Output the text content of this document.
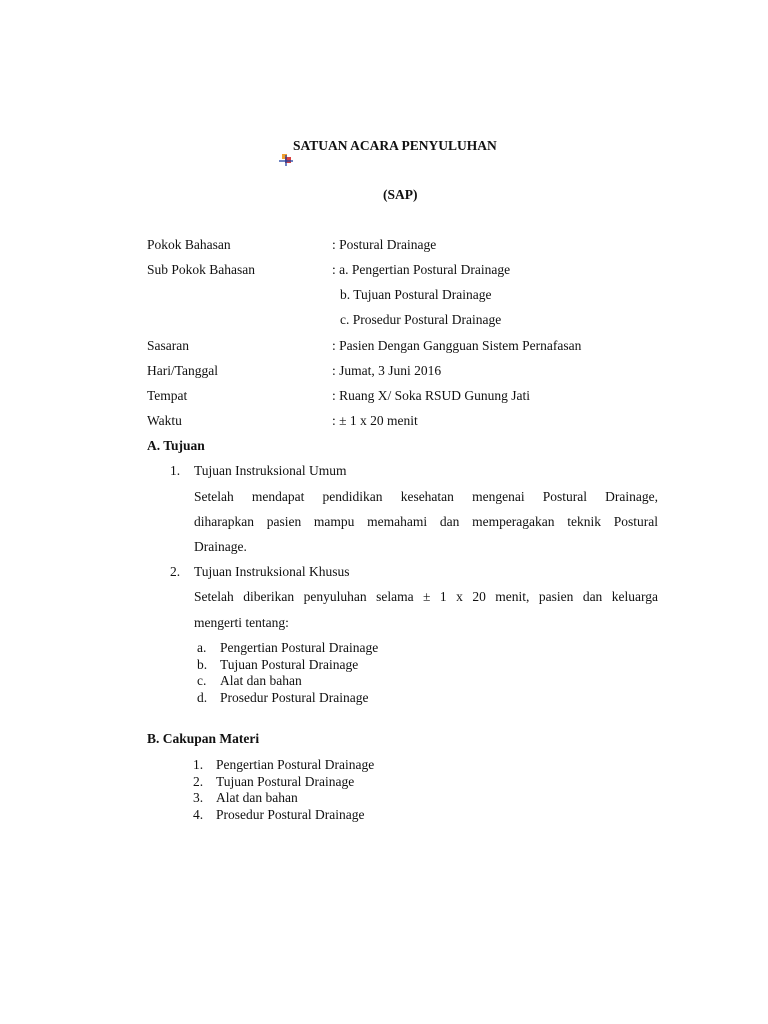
SATUAN ACARA PENYULUHAN
(SAP)
Pokok Bahasan	: Postural Drainage
Sub Pokok Bahasan	: a. Pengertian Postural Drainage
b. Tujuan Postural Drainage
c. Prosedur Postural Drainage
Sasaran	: Pasien Dengan Gangguan Sistem Pernafasan
Hari/Tanggal	: Jumat, 3 Juni 2016
Tempat	: Ruang X/ Soka RSUD Gunung Jati
Waktu	: ± 1 x 20 menit
A. Tujuan
1. Tujuan Instruksional Umum
Setelah mendapat pendidikan kesehatan mengenai Postural Drainage,
diharapkan pasien mampu memahami dan memperagakan teknik Postural
Drainage.
2. Tujuan Instruksional Khusus
Setelah diberikan penyuluhan selama ± 1 x 20 menit, pasien dan keluarga
mengerti tentang:
a. Pengertian Postural Drainage
b. Tujuan Postural Drainage
c. Alat dan bahan
d. Prosedur Postural Drainage
B. Cakupan Materi
1. Pengertian Postural Drainage
2. Tujuan Postural Drainage
3. Alat dan bahan
4. Prosedur Postural Drainage
